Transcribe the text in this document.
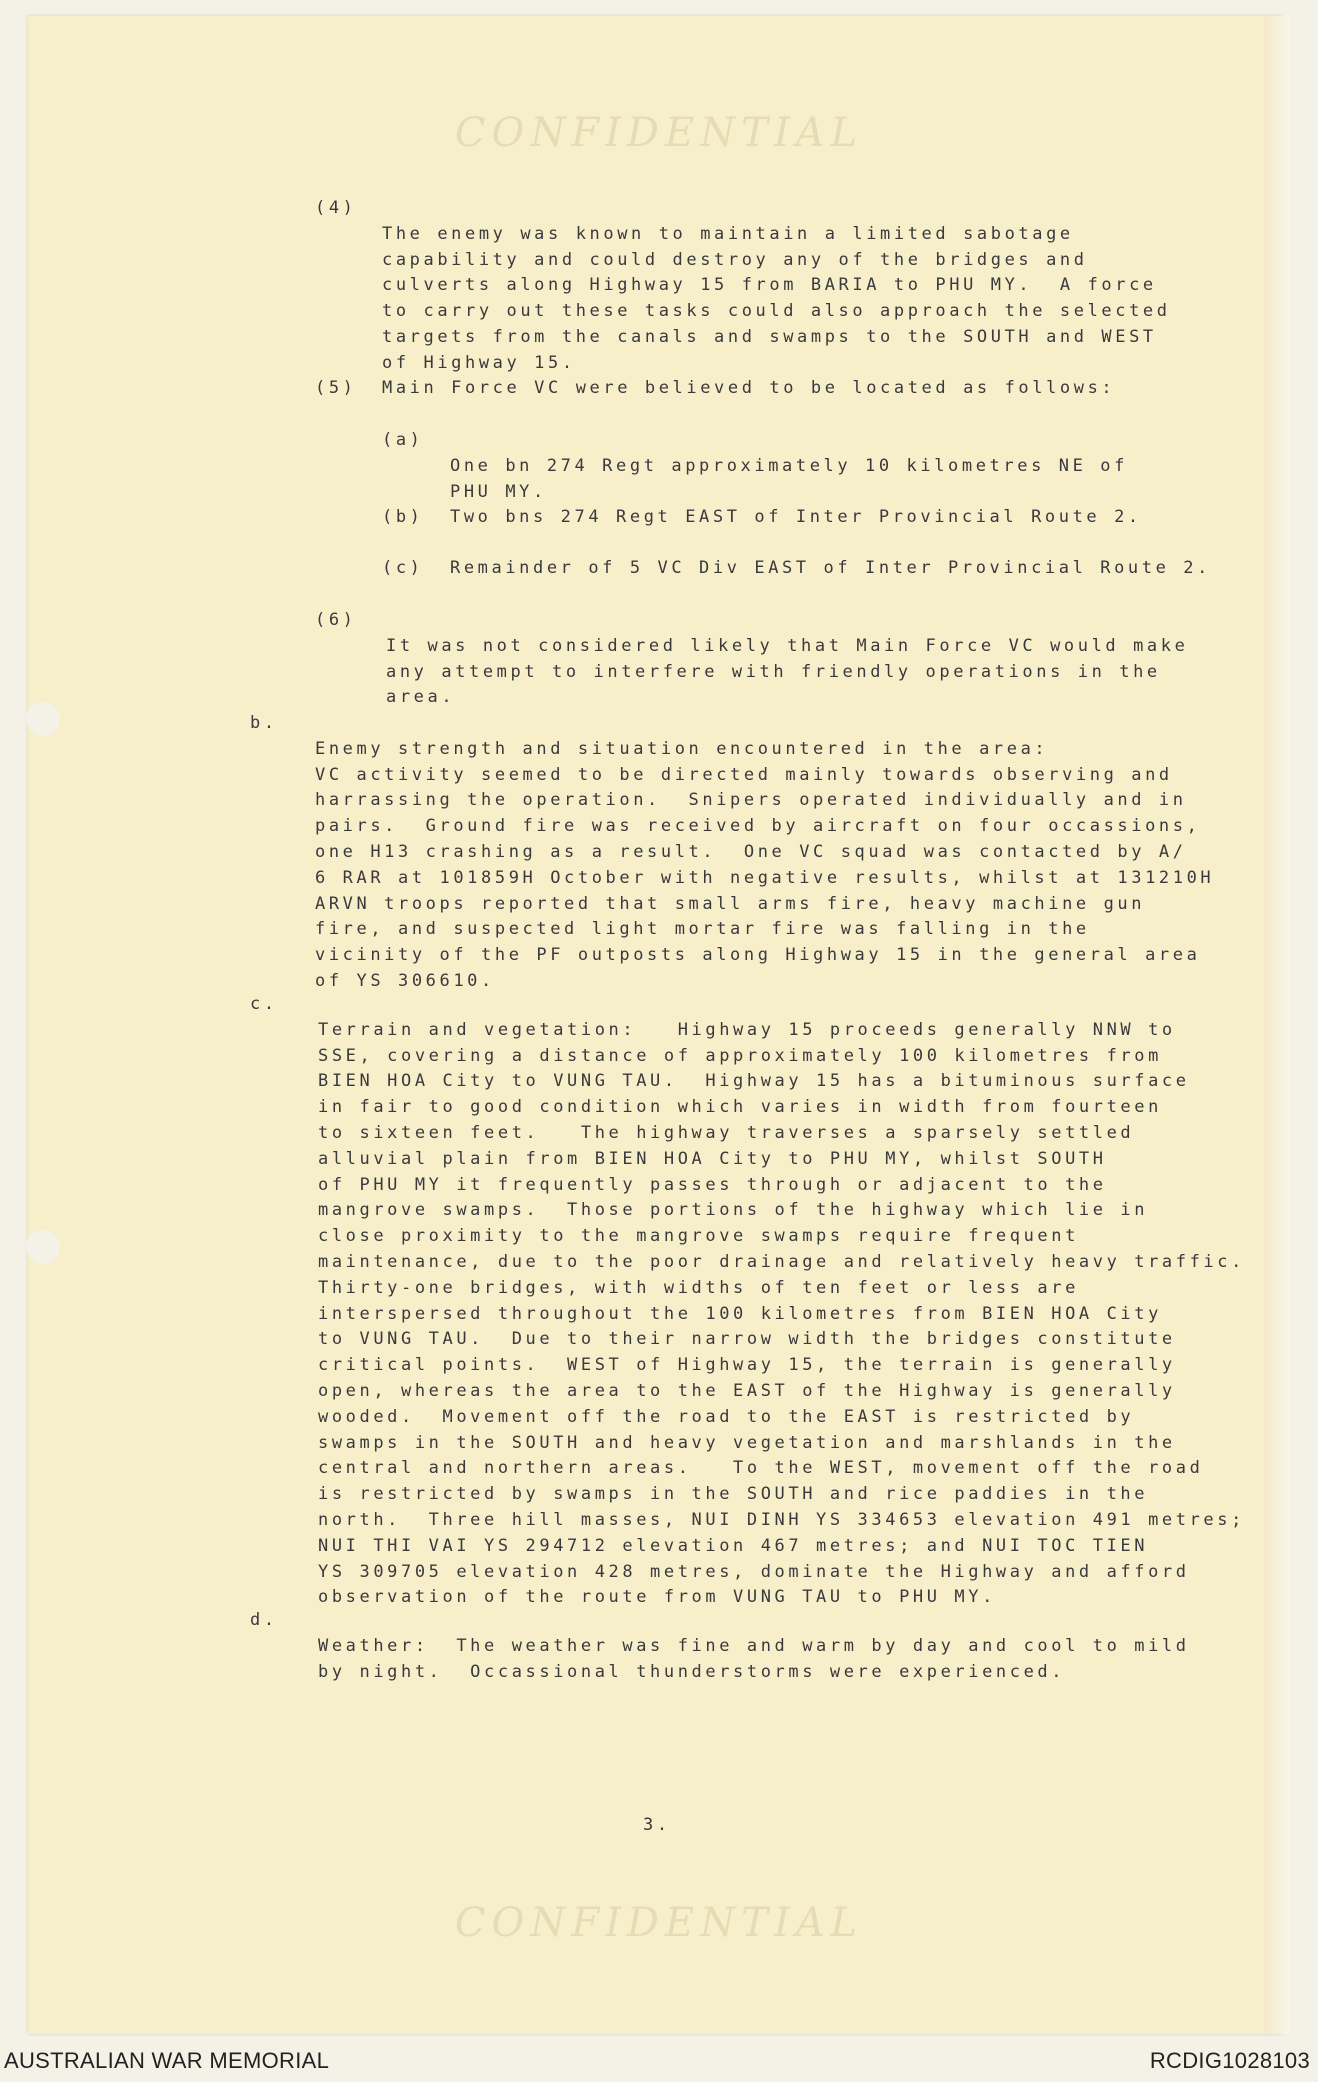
CONFIDENTIAL
CONFIDENTIAL
(4)

The enemy was known to maintain a limited sabotage
capability and could destroy any of the bridges and
culverts along Highway 15 from BARIA to PHU MY.  A force
to carry out these tasks could also approach the selected
targets from the canals and swamps to the SOUTH and WEST
of Highway 15.

(5) Main Force VC were believed to be located as follows:
(a)

One bn 274 Regt approximately 10 kilometres NE of
PHU MY.

(b) Two bns 274 Regt EAST of Inter Provincial Route 2.
(c) Remainder of 5 VC Div EAST of Inter Provincial Route 2.
(6)

It was not considered likely that Main Force VC would make
any attempt to interfere with friendly operations in the
area.

b.

Enemy strength and situation encountered in the area:
VC activity seemed to be directed mainly towards observing and
harrassing the operation.  Snipers operated individually and in
pairs.  Ground fire was received by aircraft on four occassions,
one H13 crashing as a result.  One VC squad was contacted by A/
6 RAR at 101859H October with negative results, whilst at 131210H
ARVN troops reported that small arms fire, heavy machine gun
fire, and suspected light mortar fire was falling in the
vicinity of the PF outposts along Highway 15 in the general area
of YS 306610.

c.

Terrain and vegetation:   Highway 15 proceeds generally NNW to
SSE, covering a distance of approximately 100 kilometres from
BIEN HOA City to VUNG TAU.  Highway 15 has a bituminous surface
in fair to good condition which varies in width from fourteen
to sixteen feet.   The highway traverses a sparsely settled
alluvial plain from BIEN HOA City to PHU MY, whilst SOUTH
of PHU MY it frequently passes through or adjacent to the
mangrove swamps.  Those portions of the highway which lie in
close proximity to the mangrove swamps require frequent
maintenance, due to the poor drainage and relatively heavy traffic.
Thirty-one bridges, with widths of ten feet or less are
interspersed throughout the 100 kilometres from BIEN HOA City
to VUNG TAU.  Due to their narrow width the bridges constitute
critical points.  WEST of Highway 15, the terrain is generally
open, whereas the area to the EAST of the Highway is generally
wooded.  Movement off the road to the EAST is restricted by
swamps in the SOUTH and heavy vegetation and marshlands in the
central and northern areas.   To the WEST, movement off the road
is restricted by swamps in the SOUTH and rice paddies in the
north.  Three hill masses, NUI DINH YS 334653 elevation 491 metres;
NUI THI VAI YS 294712 elevation 467 metres; and NUI TOC TIEN
YS 309705 elevation 428 metres, dominate the Highway and afford
observation of the route from VUNG TAU to PHU MY.

d.

Weather:  The weather was fine and warm by day and cool to mild
by night.  Occassional thunderstorms were experienced.

3.
AUSTRALIAN WAR MEMORIAL	RCDIG1028103
